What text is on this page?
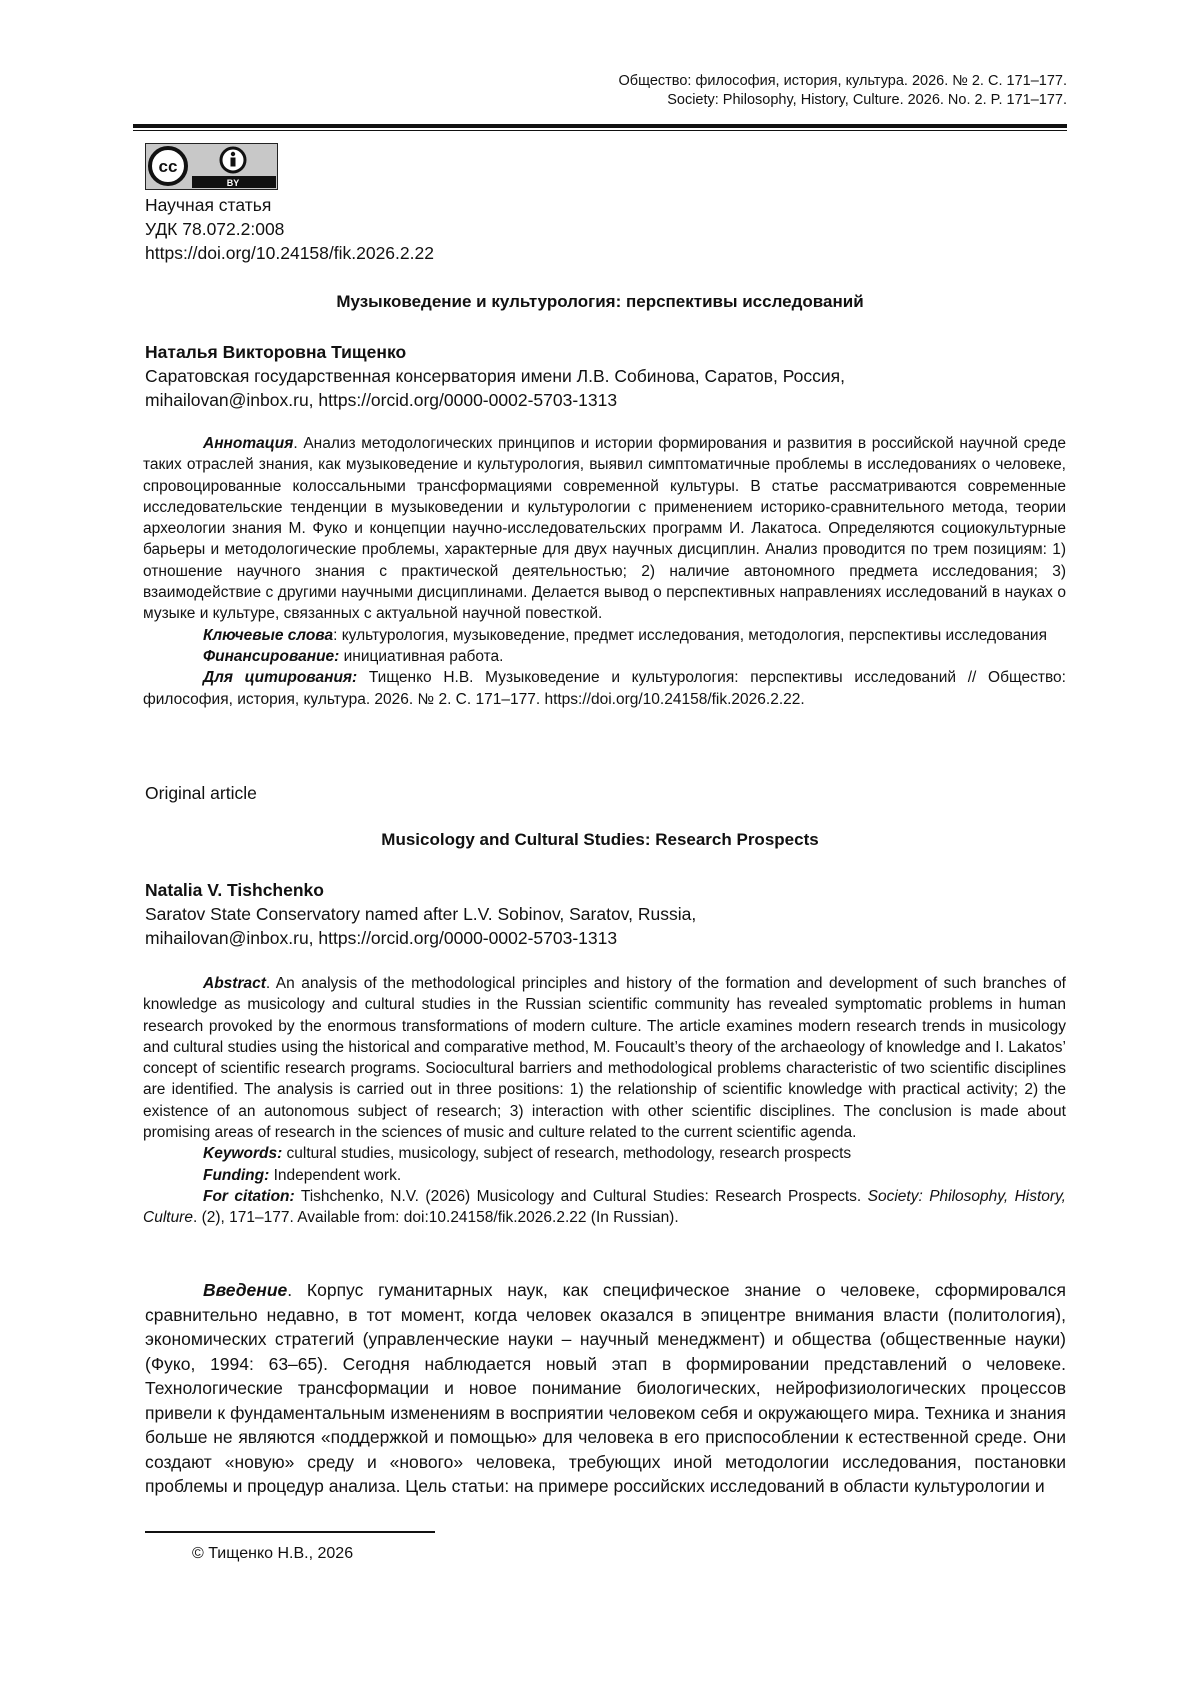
Общество: философия, история, культура. 2026. № 2. С. 171–177.
Society: Philosophy, History, Culture. 2026. No. 2. P. 171–177.
cc
BY
Научная статья
УДК 78.072.2:008
https://doi.org/10.24158/fik.2026.2.22
Музыковедение и культурология: перспективы исследований
Наталья Викторовна Тищенко
Саратовская государственная консерватория имени Л.В. Собинова, Саратов, Россия,
mihailovan@inbox.ru, https://orcid.org/0000-0002-5703-1313

Аннотация. Анализ методологических принципов и истории формирования и развития в российской научной среде таких отраслей знания, как музыковедение и культурология, выявил симптоматичные проблемы в исследованиях о человеке, спровоцированные колоссальными трансформациями современной культуры. В статье рассматриваются современные исследовательские тенденции в музыковедении и культурологии с применением историко-сравнительного метода, теории археологии знания М. Фуко и концепции научно-исследовательских программ И. Лакатоса. Определяются социокультурные барьеры и методологические проблемы, характерные для двух научных дисциплин. Анализ проводится по трем позициям: 1) отношение научного знания с практической деятельностью; 2) наличие автономного предмета исследования; 3) взаимодействие с другими научными дисциплинами. Делается вывод о перспективных направлениях исследований в науках о музыке и культуре, связанных с актуальной научной повесткой.

Ключевые слова: культурология, музыковедение, предмет исследования, методология, перспективы исследования

Финансирование: инициативная работа.

Для цитирования: Тищенко Н.В. Музыковедение и культурология: перспективы исследований // Общество: философия, история, культура. 2026. № 2. С. 171–177. https://doi.org/10.24158/fik.2026.2.22.

Original article
Musicology and Cultural Studies: Research Prospects
Natalia V. Tishchenko
Saratov State Conservatory named after L.V. Sobinov, Saratov, Russia,
mihailovan@inbox.ru, https://orcid.org/0000-0002-5703-1313

Abstract. An analysis of the methodological principles and history of the formation and development of such branches of knowledge as musicology and cultural studies in the Russian scientific community has revealed symptomatic problems in human research provoked by the enormous transformations of modern culture. The article examines modern research trends in musicology and cultural studies using the historical and comparative method, M. Foucault’s theory of the archaeology of knowledge and I. Lakatos’ concept of scientific research programs. Sociocultural barriers and methodological problems characteristic of two scientific disciplines are identified. The analysis is carried out in three positions: 1) the relationship of scientific knowledge with practical activity; 2) the existence of an autonomous subject of research; 3) interaction with other scientific disciplines. The conclusion is made about promising areas of research in the sciences of music and culture related to the current scientific agenda.

Keywords: cultural studies, musicology, subject of research, methodology, research prospects

Funding: Independent work.

For citation: Tishchenko, N.V. (2026) Musicology and Cultural Studies: Research Prospects. Society: Philosophy, History, Culture. (2), 171–177. Available from: doi:10.24158/fik.2026.2.22 (In Russian).

Введение. Корпус гуманитарных наук, как специфическое знание о человеке, сформировался сравнительно недавно, в тот момент, когда человек оказался в эпицентре внимания власти (политология), экономических стратегий (управленческие науки – научный менеджмент) и общества (общественные науки) (Фуко, 1994: 63–65). Сегодня наблюдается новый этап в формировании представлений о человеке. Технологические трансформации и новое понимание биологических, нейрофизиологических процессов привели к фундаментальным изменениям в восприятии человеком себя и окружающего мира. Техника и знания больше не являются «поддержкой и помощью» для человека в его приспособлении к естественной среде. Они создают «новую» среду и «нового» человека, требующих иной методологии исследования, постановки проблемы и процедур анализа. Цель статьи: на примере российских исследований в области культурологии и

© Тищенко Н.В., 2026
